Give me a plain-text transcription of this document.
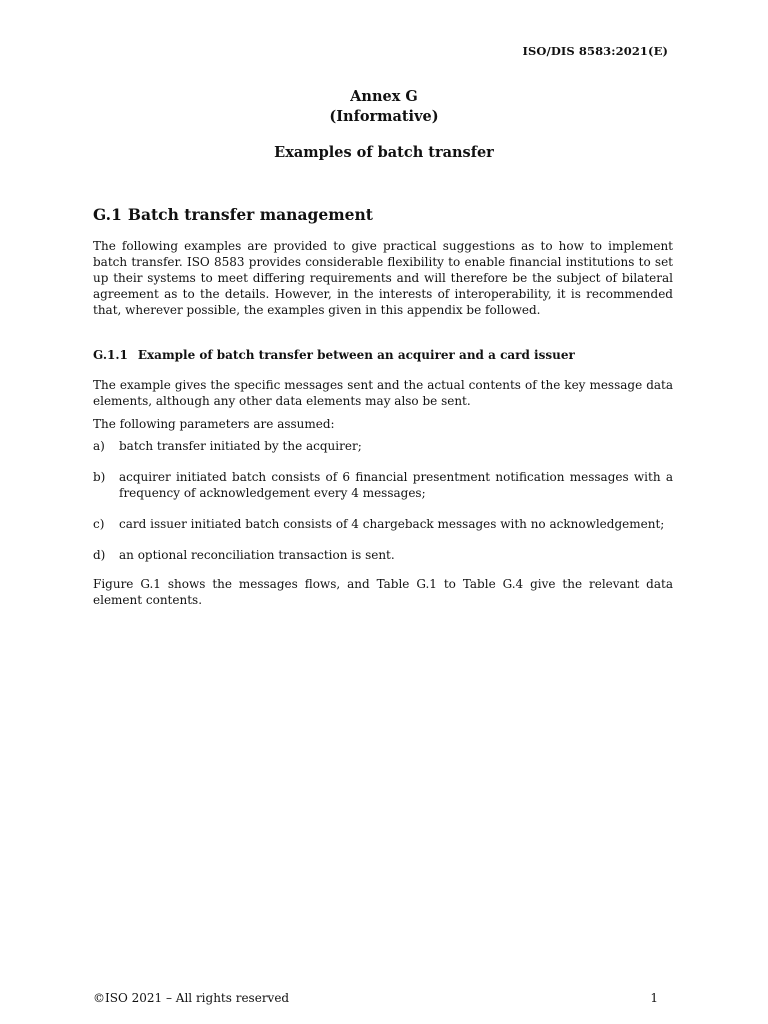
ISO/DIS 8583:2021(E)
Annex G
(Informative)
Examples of batch transfer
G.1 Batch transfer management

The following examples are provided to give practical suggestions as to how to implement batch transfer. ISO 8583 provides considerable flexibility to enable financial institutions to set up their systems to meet differing requirements and will therefore be the subject of bilateral agreement as to the details. However, in the interests of interoperability, it is recommended that, wherever possible, the examples given in this appendix be followed.

G.1.1 Example of batch transfer between an acquirer and a card issuer

The example gives the specific messages sent and the actual contents of the key message data elements, although any other data elements may also be sent.

The following parameters are assumed:

a) batch transfer initiated by the acquirer;
b) acquirer initiated batch consists of 6 financial presentment notification messages with a frequency of acknowledgement every 4 messages;
c) card issuer initiated batch consists of 4 chargeback messages with no acknowledgement;
d) an optional reconciliation transaction is sent.

Figure G.1 shows the messages flows, and Table G.1 to Table G.4 give the relevant data element contents.

©ISO 2021 – All rights reserved	1
